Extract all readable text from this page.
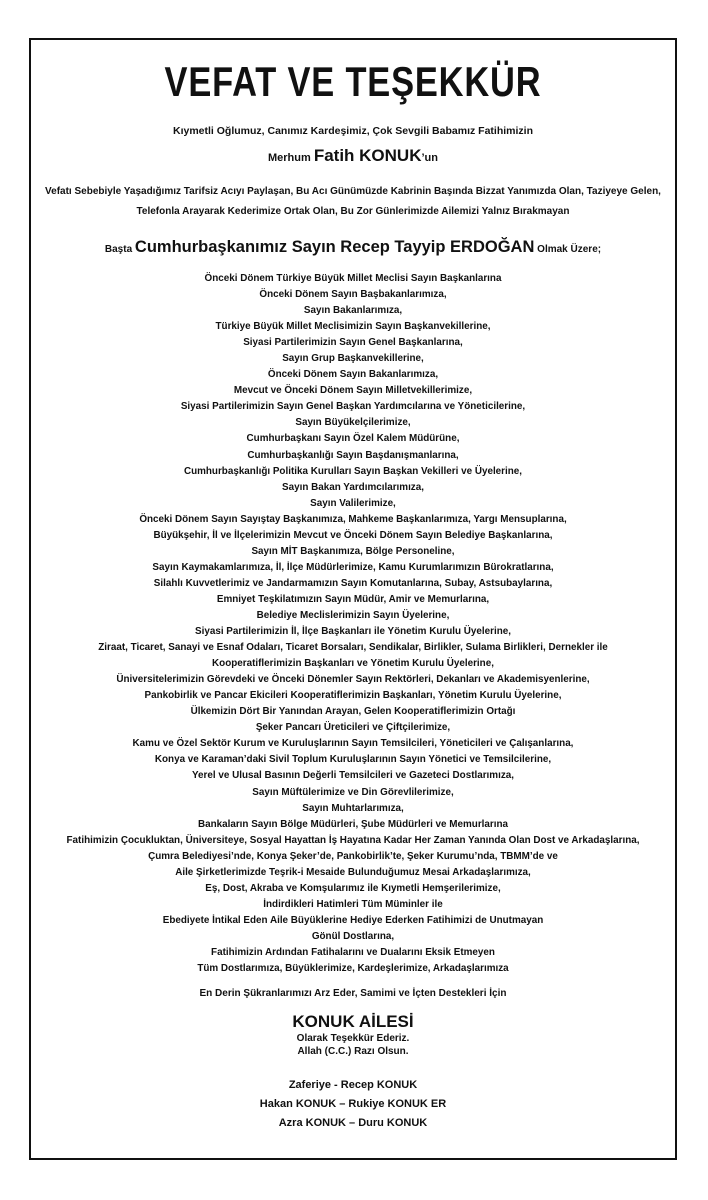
VEFAT VE TEŞEKKÜR
Kıymetli Oğlumuz, Canımız Kardeşimiz, Çok Sevgili Babamız Fatihimizin
Merhum Fatih KONUK’un
Vefatı Sebebiyle Yaşadığımız Tarifsiz Acıyı Paylaşan, Bu Acı Günümüzde Kabrinin Başında Bizzat Yanımızda Olan, Taziyeye Gelen,
Telefonla Arayarak Kederimize Ortak Olan, Bu Zor Günlerimizde Ailemizi Yalnız Bırakmayan
Başta Cumhurbaşkanımız Sayın Recep Tayyip ERDOĞAN Olmak Üzere;
Önceki Dönem Türkiye Büyük Millet Meclisi Sayın Başkanlarına
Önceki Dönem Sayın Başbakanlarımıza,
Sayın Bakanlarımıza,
Türkiye Büyük Millet Meclisimizin Sayın Başkanvekillerine,
Siyasi Partilerimizin Sayın Genel Başkanlarına,
Sayın Grup Başkanvekillerine,
Önceki Dönem Sayın Bakanlarımıza,
Mevcut ve Önceki Dönem Sayın Milletvekillerimize,
Siyasi Partilerimizin Sayın Genel Başkan Yardımcılarına ve Yöneticilerine,
Sayın Büyükelçilerimize,
Cumhurbaşkanı Sayın Özel Kalem Müdürüne,
Cumhurbaşkanlığı Sayın Başdanışmanlarına,
Cumhurbaşkanlığı Politika Kurulları Sayın Başkan Vekilleri ve Üyelerine,
Sayın Bakan Yardımcılarımıza,
Sayın Valilerimize,
Önceki Dönem Sayın Sayıştay Başkanımıza, Mahkeme Başkanlarımıza, Yargı Mensuplarına,
Büyükşehir, İl ve İlçelerimizin Mevcut ve Önceki Dönem Sayın Belediye Başkanlarına,
Sayın MİT Başkanımıza, Bölge Personeline,
Sayın Kaymakamlarımıza, İl, İlçe Müdürlerimize, Kamu Kurumlarımızın Bürokratlarına,
Silahlı Kuvvetlerimiz ve Jandarmamızın Sayın Komutanlarına, Subay, Astsubaylarına,
Emniyet Teşkilatımızın Sayın Müdür, Amir ve Memurlarına,
Belediye Meclislerimizin Sayın Üyelerine,
Siyasi Partilerimizin İl, İlçe Başkanları ile Yönetim Kurulu Üyelerine,
Ziraat, Ticaret, Sanayi ve Esnaf Odaları, Ticaret Borsaları, Sendikalar, Birlikler, Sulama Birlikleri, Dernekler ile
Kooperatiflerimizin Başkanları ve Yönetim Kurulu Üyelerine,
Üniversitelerimizin Görevdeki ve Önceki Dönemler Sayın Rektörleri, Dekanları ve Akademisyenlerine,
Pankobirlik ve Pancar Ekicileri Kooperatiflerimizin Başkanları, Yönetim Kurulu Üyelerine,
Ülkemizin Dört Bir Yanından Arayan, Gelen Kooperatiflerimizin Ortağı
Şeker Pancarı Üreticileri ve Çiftçilerimize,
Kamu ve Özel Sektör Kurum ve Kuruluşlarının Sayın Temsilcileri, Yöneticileri ve Çalışanlarına,
Konya ve Karaman’daki Sivil Toplum Kuruluşlarının Sayın Yönetici ve Temsilcilerine,
Yerel ve Ulusal Basının Değerli Temsilcileri ve Gazeteci Dostlarımıza,
Sayın Müftülerimize ve Din Görevlilerimize,
Sayın Muhtarlarımıza,
Bankaların Sayın Bölge Müdürleri, Şube Müdürleri ve Memurlarına
Fatihimizin Çocukluktan, Üniversiteye, Sosyal Hayattan İş Hayatına Kadar Her Zaman Yanında Olan Dost ve Arkadaşlarına,
Çumra Belediyesi’nde, Konya Şeker’de, Pankobirlik’te, Şeker Kurumu’nda, TBMM’de ve
Aile Şirketlerimizde Teşrik-i Mesaide Bulunduğumuz Mesai Arkadaşlarımıza,
Eş, Dost, Akraba ve Komşularımız ile Kıymetli Hemşerilerimize,
İndirdikleri Hatimleri Tüm Müminler ile
Ebediyete İntikal Eden Aile Büyüklerine Hediye Ederken Fatihimizi de Unutmayan
Gönül Dostlarına,
Fatihimizin Ardından Fatihalarını ve Dualarını Eksik Etmeyen
Tüm Dostlarımıza, Büyüklerimize, Kardeşlerimize, Arkadaşlarımıza
En Derin Şükranlarımızı Arz Eder, Samimi ve İçten Destekleri İçin
KONUK AİLESİ
Olarak Teşekkür Ederiz.
Allah (C.C.) Razı Olsun.
Zaferiye - Recep KONUK
Hakan KONUK – Rukiye KONUK ER
Azra KONUK – Duru KONUK
